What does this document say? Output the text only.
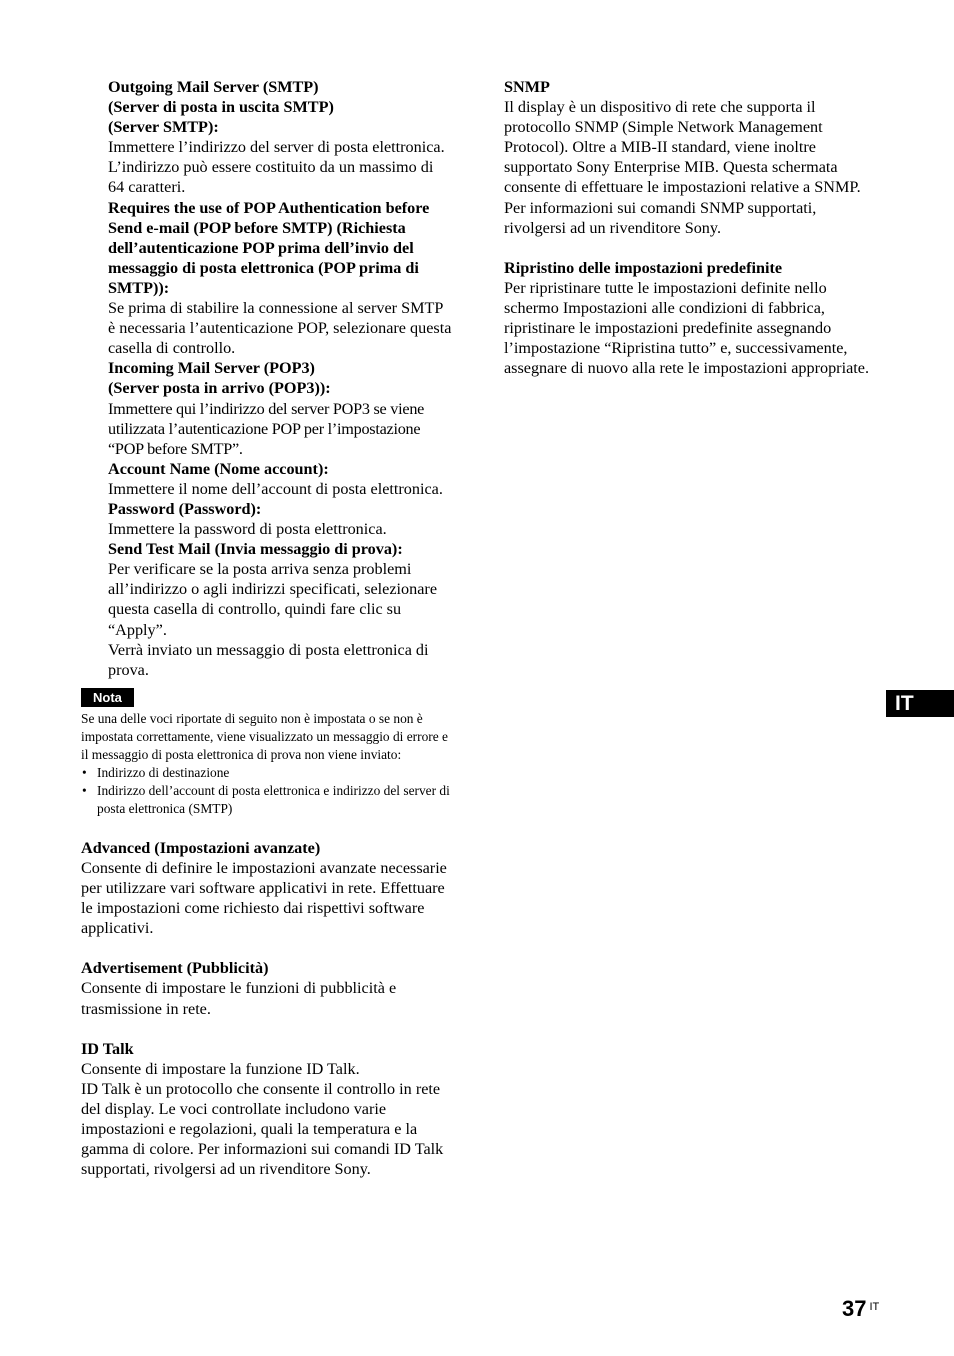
Outgoing Mail Server (SMTP)

(Server di posta in uscita SMTP)

(Server SMTP):

Immettere l’indirizzo del server di posta elettronica.

L’indirizzo può essere costituito da un massimo di 64 caratteri.

Requires the use of POP Authentication before Send e-mail (POP before SMTP) (Richiesta dell’autenticazione POP prima dell’invio del messaggio di posta elettronica (POP prima di SMTP)):

Se prima di stabilire la connessione al server SMTP è necessaria l’autenticazione POP, selezionare questa casella di controllo.

Incoming Mail Server (POP3)

(Server posta in arrivo (POP3)):

Immettere qui l’indirizzo del server POP3 se viene utilizzata l’autenticazione POP per l’impostazione “POP before SMTP”.

Account Name (Nome account):

Immettere il nome dell’account di posta elettronica.

Password (Password):

Immettere la password di posta elettronica.

Send Test Mail (Invia messaggio di prova):

Per verificare se la posta arriva senza problemi all’indirizzo o agli indirizzi specificati, selezionare questa casella di controllo, quindi fare clic su “Apply”.

Verrà inviato un messaggio di posta elettronica di prova.

Nota

Se una delle voci riportate di seguito non è impostata o se non è impostata correttamente, viene visualizzato un messaggio di errore e il messaggio di posta elettronica di prova non viene inviato:

• Indirizzo di destinazione
• Indirizzo dell’account di posta elettronica e indirizzo del server di posta elettronica (SMTP)

Advanced (Impostazioni avanzate)

Consente di definire le impostazioni avanzate necessarie per utilizzare vari software applicativi in rete. Effettuare le impostazioni come richiesto dai rispettivi software applicativi.

Advertisement (Pubblicità)

Consente di impostare le funzioni di pubblicità e trasmissione in rete.

ID Talk

Consente di impostare la funzione ID Talk.

ID Talk è un protocollo che consente il controllo in rete del display. Le voci controllate includono varie impostazioni e regolazioni, quali la temperatura e la gamma di colore. Per informazioni sui comandi ID Talk supportati, rivolgersi ad un rivenditore Sony.

SNMP

Il display è un dispositivo di rete che supporta il protocollo SNMP (Simple Network Management Protocol). Oltre a MIB-II standard, viene inoltre supportato Sony Enterprise MIB. Questa schermata consente di effettuare le impostazioni relative a SNMP.

Per informazioni sui comandi SNMP supportati, rivolgersi ad un rivenditore Sony.

Ripristino delle impostazioni predefinite

Per ripristinare tutte le impostazioni definite nello schermo Impostazioni alle condizioni di fabbrica, ripristinare le impostazioni predefinite assegnando l’impostazione “Ripristina tutto” e, successivamente, assegnare di nuovo alla rete le impostazioni appropriate.

IT
37 $^{IT}$
